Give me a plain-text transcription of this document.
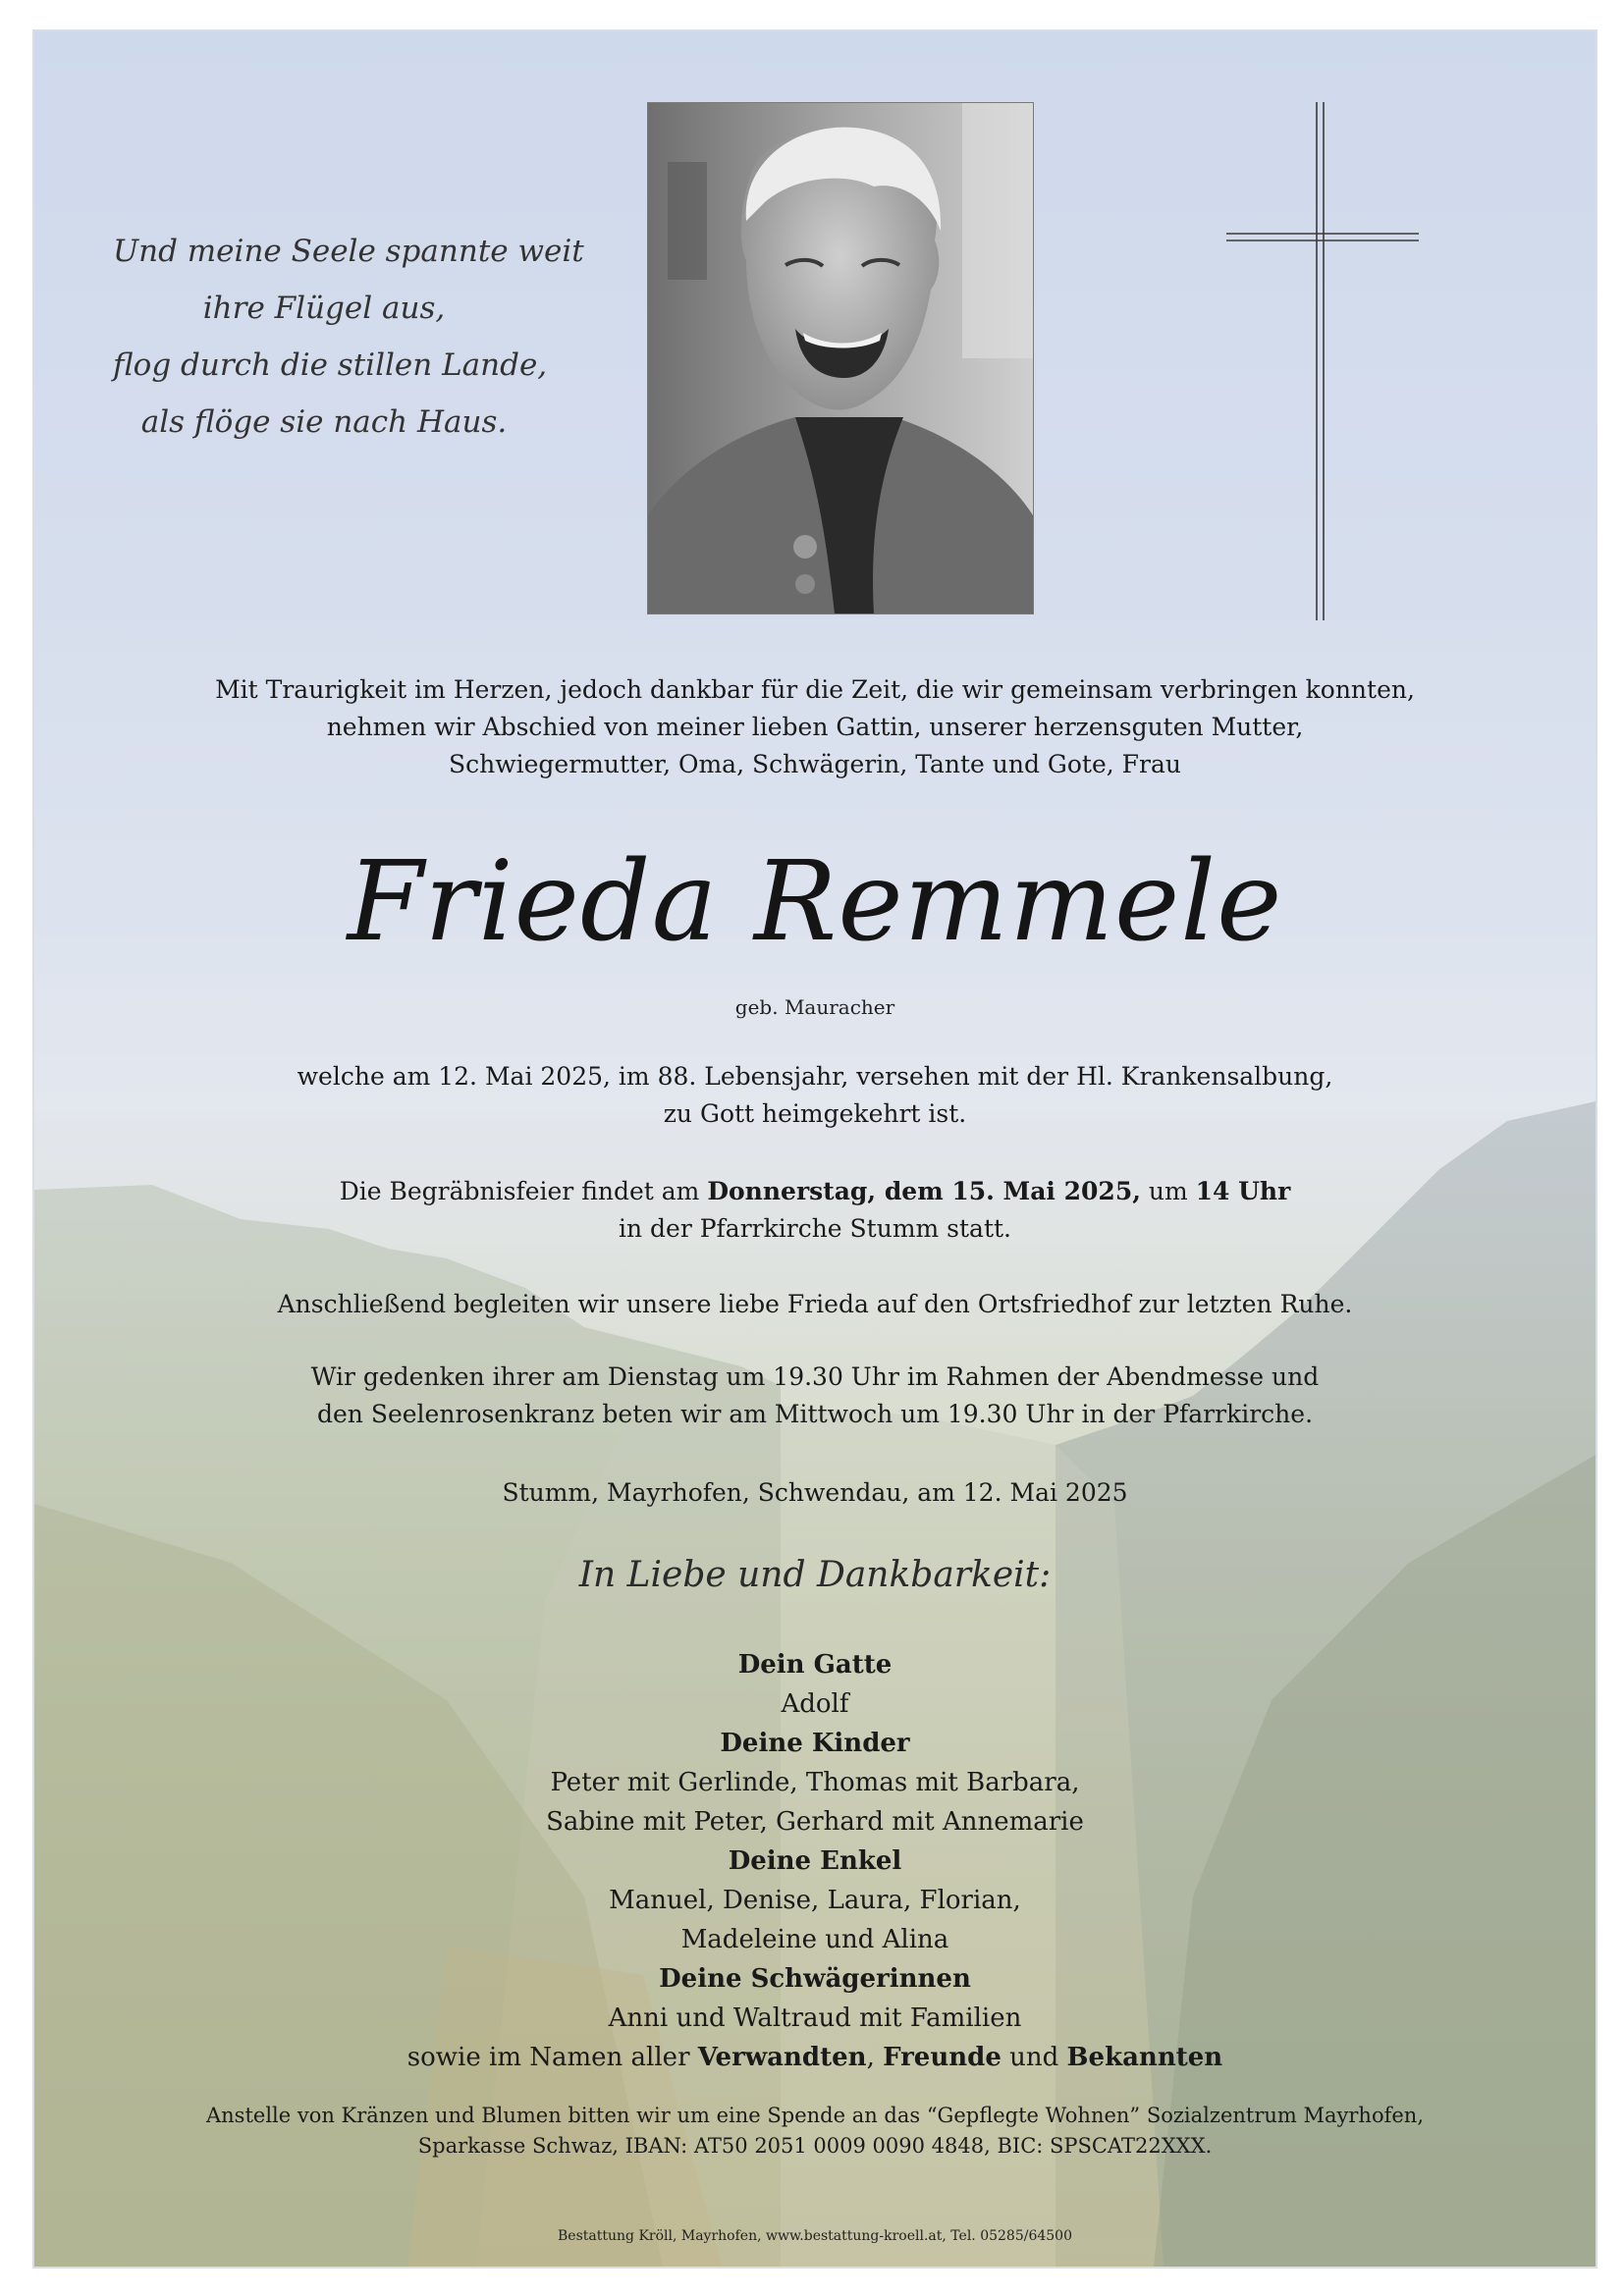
Und meine Seele spannte weit
ihre Flügel aus,
flog durch die stillen Lande,
als flöge sie nach Haus.
Mit Traurigkeit im Herzen, jedoch dankbar für die Zeit, die wir gemeinsam verbringen konnten,
nehmen wir Abschied von meiner lieben Gattin, unserer herzensguten Mutter,
Schwiegermutter, Oma, Schwägerin, Tante und Gote, Frau
Frieda Remmele
geb. Mauracher
welche am 12. Mai 2025, im 88. Lebensjahr, versehen mit der Hl. Krankensalbung,
zu Gott heimgekehrt ist.
Die Begräbnisfeier findet am Donnerstag, dem 15. Mai 2025, um 14 Uhr
in der Pfarrkirche Stumm statt.
Anschließend begleiten wir unsere liebe Frieda auf den Ortsfriedhof zur letzten Ruhe.
Wir gedenken ihrer am Dienstag um 19.30 Uhr im Rahmen der Abendmesse und
den Seelenrosenkranz beten wir am Mittwoch um 19.30 Uhr in der Pfarrkirche.
Stumm, Mayrhofen, Schwendau, am 12. Mai 2025
In Liebe und Dankbarkeit:
Dein Gatte
Adolf
Deine Kinder
Peter mit Gerlinde, Thomas mit Barbara,
Sabine mit Peter, Gerhard mit Annemarie
Deine Enkel
Manuel, Denise, Laura, Florian,
Madeleine und Alina
Deine Schwägerinnen
Anni und Waltraud mit Familien
sowie im Namen aller Verwandten, Freunde und Bekannten
Anstelle von Kränzen und Blumen bitten wir um eine Spende an das “Gepflegte Wohnen” Sozialzentrum Mayrhofen,
Sparkasse Schwaz, IBAN: AT50 2051 0009 0090 4848, BIC: SPSCAT22XXX.
Bestattung Kröll, Mayrhofen, www.bestattung-kroell.at, Tel. 05285/64500
